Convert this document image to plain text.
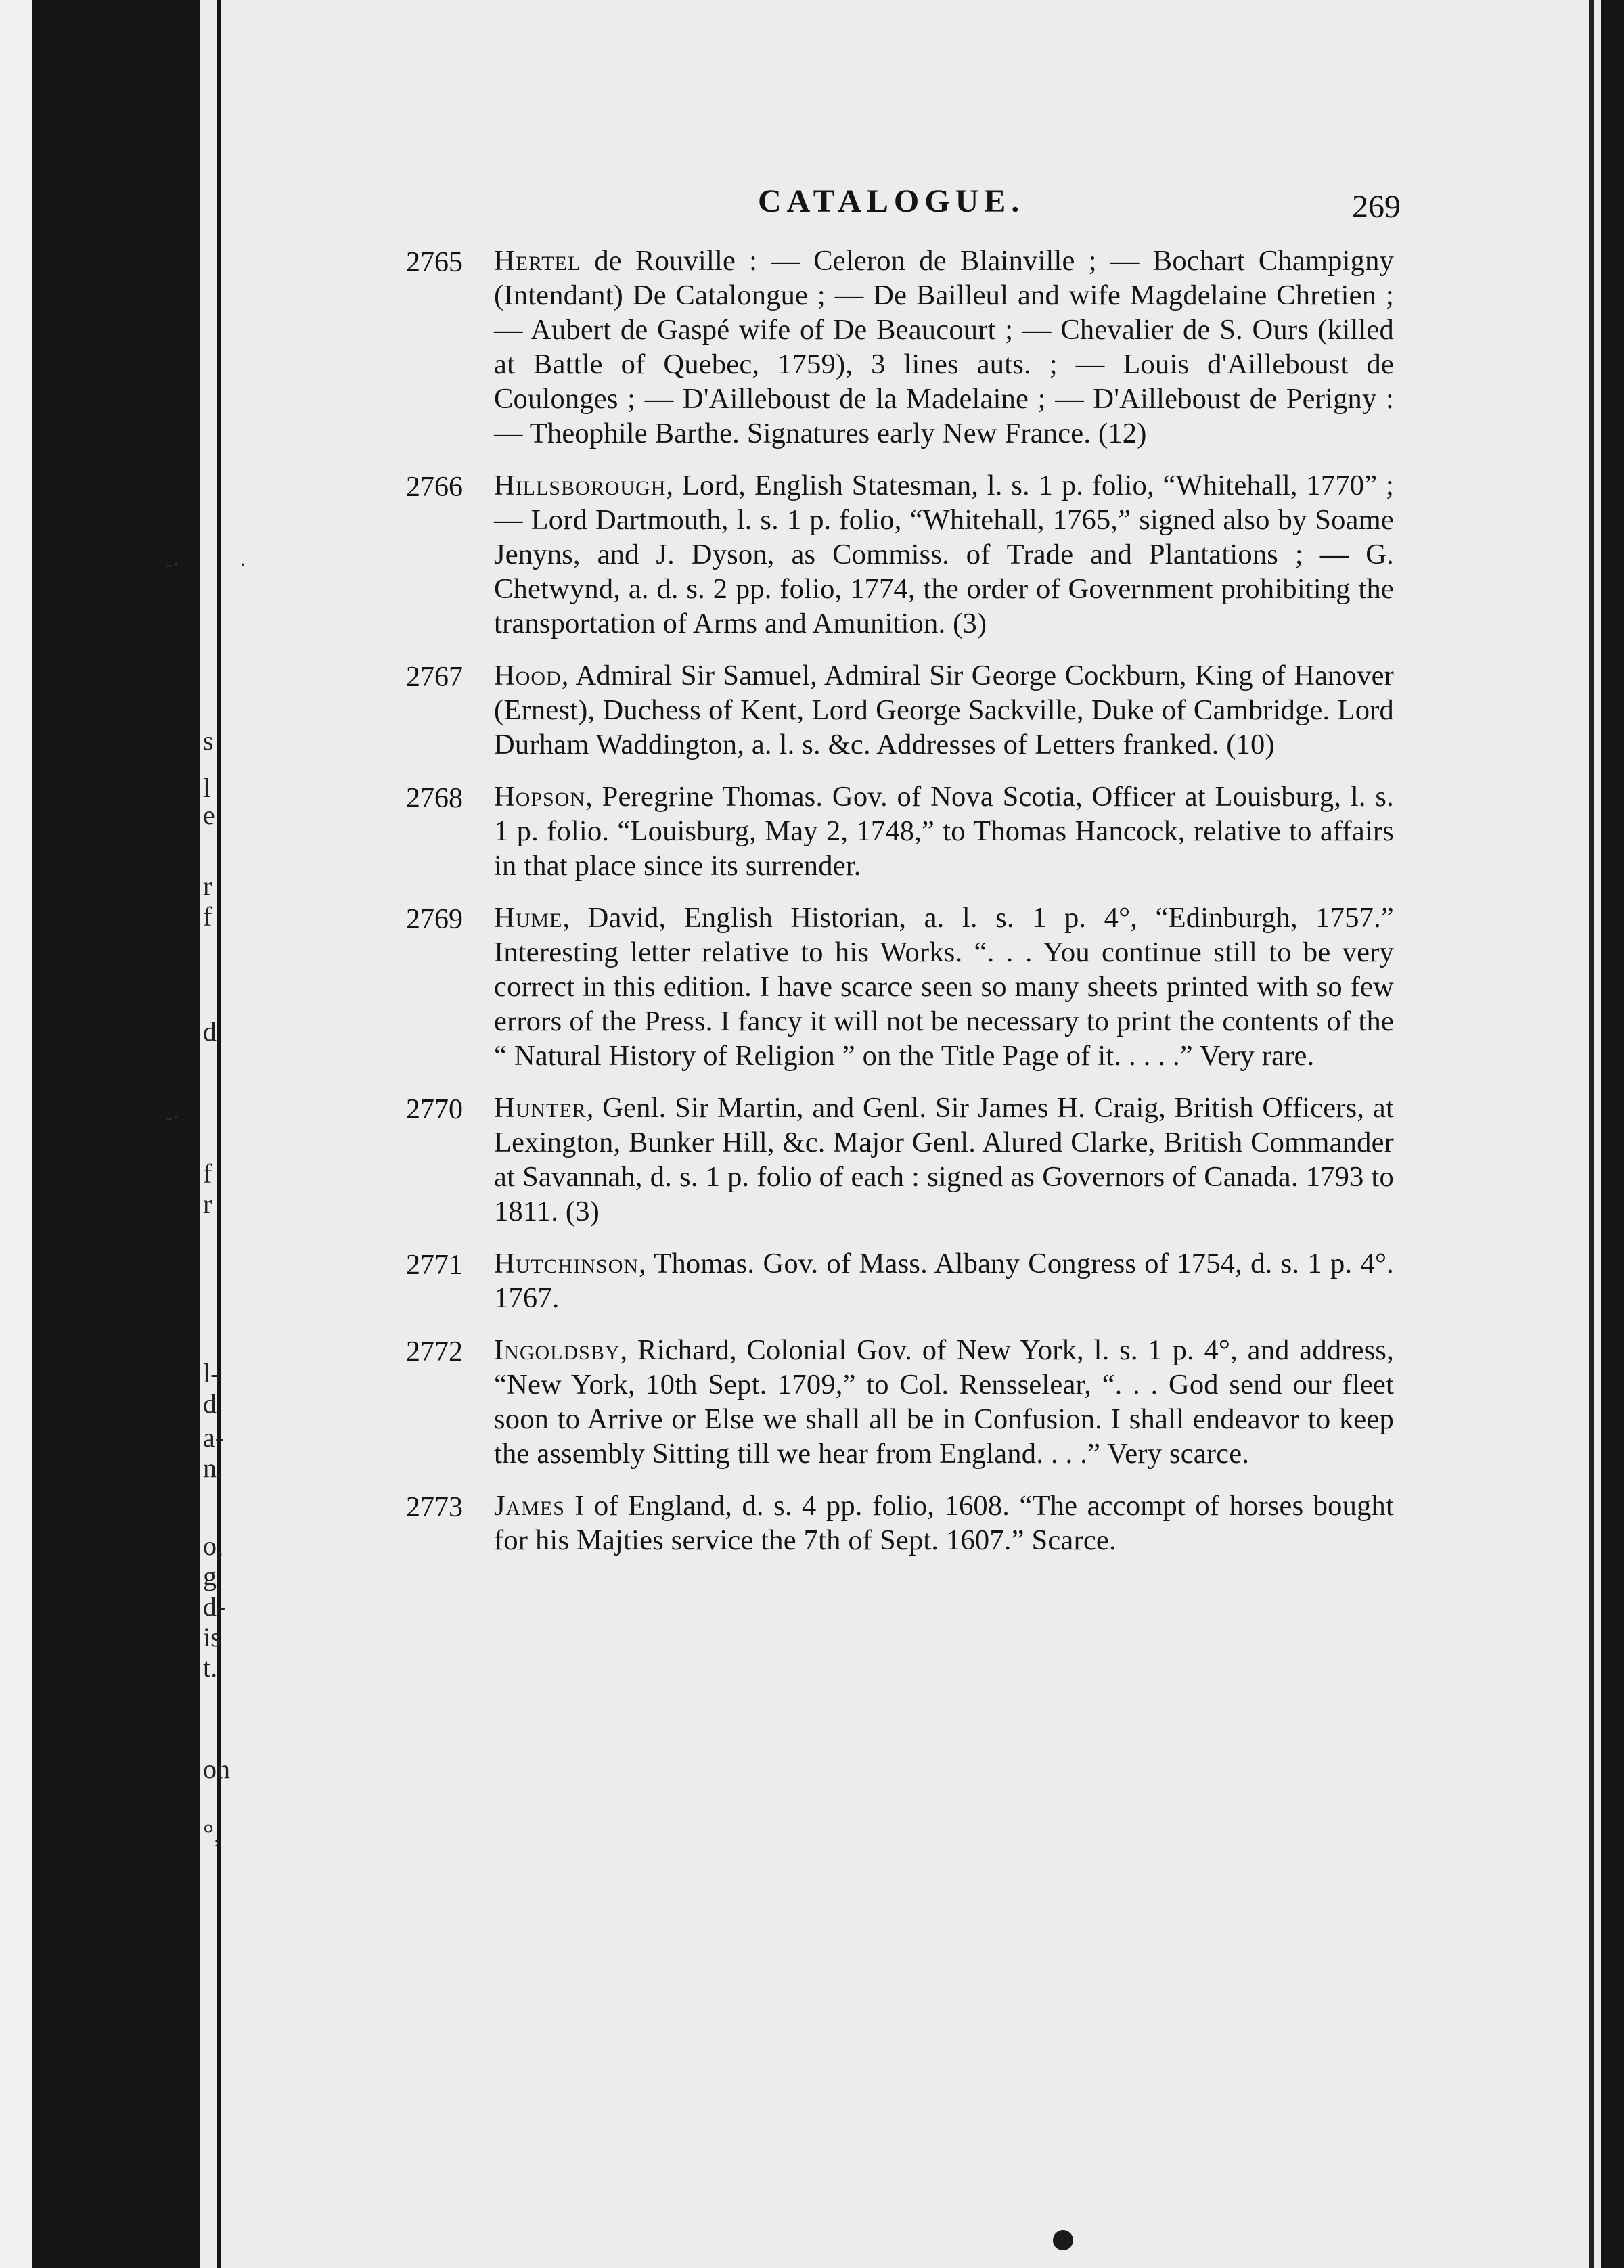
s
l
e
r
f
d
f
r
l-
d
a-
n.
o,
g
d-
is
t.
on
°,
-·	·
-·
CATALOGUE.	269
2765	Hertel de Rouville : — Celeron de Blainville ; — Bochart Champigny (Intendant) De Catalongue ; — De Bailleul and wife Magdelaine Chretien ; — Aubert de Gaspé wife of De Beaucourt ; — Chevalier de S. Ours (killed at Battle of Quebec, 1759), 3 lines auts. ; — Louis d'Ailleboust de Coulonges ; — D'Ailleboust de la Madelaine ; — D'Ailleboust de Perigny : — Theophile Barthe. Signatures early New France. (12)
2766	Hillsborough, Lord, English Statesman, l. s. 1 p. folio, “Whitehall, 1770” ; — Lord Dartmouth, l. s. 1 p. folio, “Whitehall, 1765,” signed also by Soame Jenyns, and J. Dyson, as Commiss. of Trade and Plantations ; — G. Chetwynd, a. d. s. 2 pp. folio, 1774, the order of Government prohibiting the transportation of Arms and Amunition. (3)
2767	Hood, Admiral Sir Samuel, Admiral Sir George Cockburn, King of Hanover (Ernest), Duchess of Kent, Lord George Sackville, Duke of Cambridge. Lord Durham Waddington, a. l. s. &c. Addresses of Letters franked. (10)
2768	Hopson, Peregrine Thomas. Gov. of Nova Scotia, Officer at Louisburg, l. s. 1 p. folio. “Louisburg, May 2, 1748,” to Thomas Hancock, relative to affairs in that place since its surrender.
2769	Hume, David, English Historian, a. l. s. 1 p. 4°, “Edinburgh, 1757.” Interesting letter relative to his Works. “. . . You continue still to be very correct in this edition. I have scarce seen so many sheets printed with so few errors of the Press. I fancy it will not be necessary to print the contents of the “ Natural History of Religion ” on the Title Page of it. . . . .” Very rare.
2770	Hunter, Genl. Sir Martin, and Genl. Sir James H. Craig, British Officers, at Lexington, Bunker Hill, &c. Major Genl. Alured Clarke, British Commander at Savannah, d. s. 1 p. folio of each : signed as Governors of Canada. 1793 to 1811. (3)
2771	Hutchinson, Thomas. Gov. of Mass. Albany Congress of 1754, d. s. 1 p. 4°. 1767.
2772	Ingoldsby, Richard, Colonial Gov. of New York, l. s. 1 p. 4°, and address, “New York, 10th Sept. 1709,” to Col. Rensselear, “. . . God send our fleet soon to Arrive or Else we shall all be in Confusion. I shall endeavor to keep the assembly Sitting till we hear from England. . . .” Very scarce.
2773	James I of England, d. s. 4 pp. folio, 1608. “The accompt of horses bought for his Majties service the 7th of Sept. 1607.” Scarce.
